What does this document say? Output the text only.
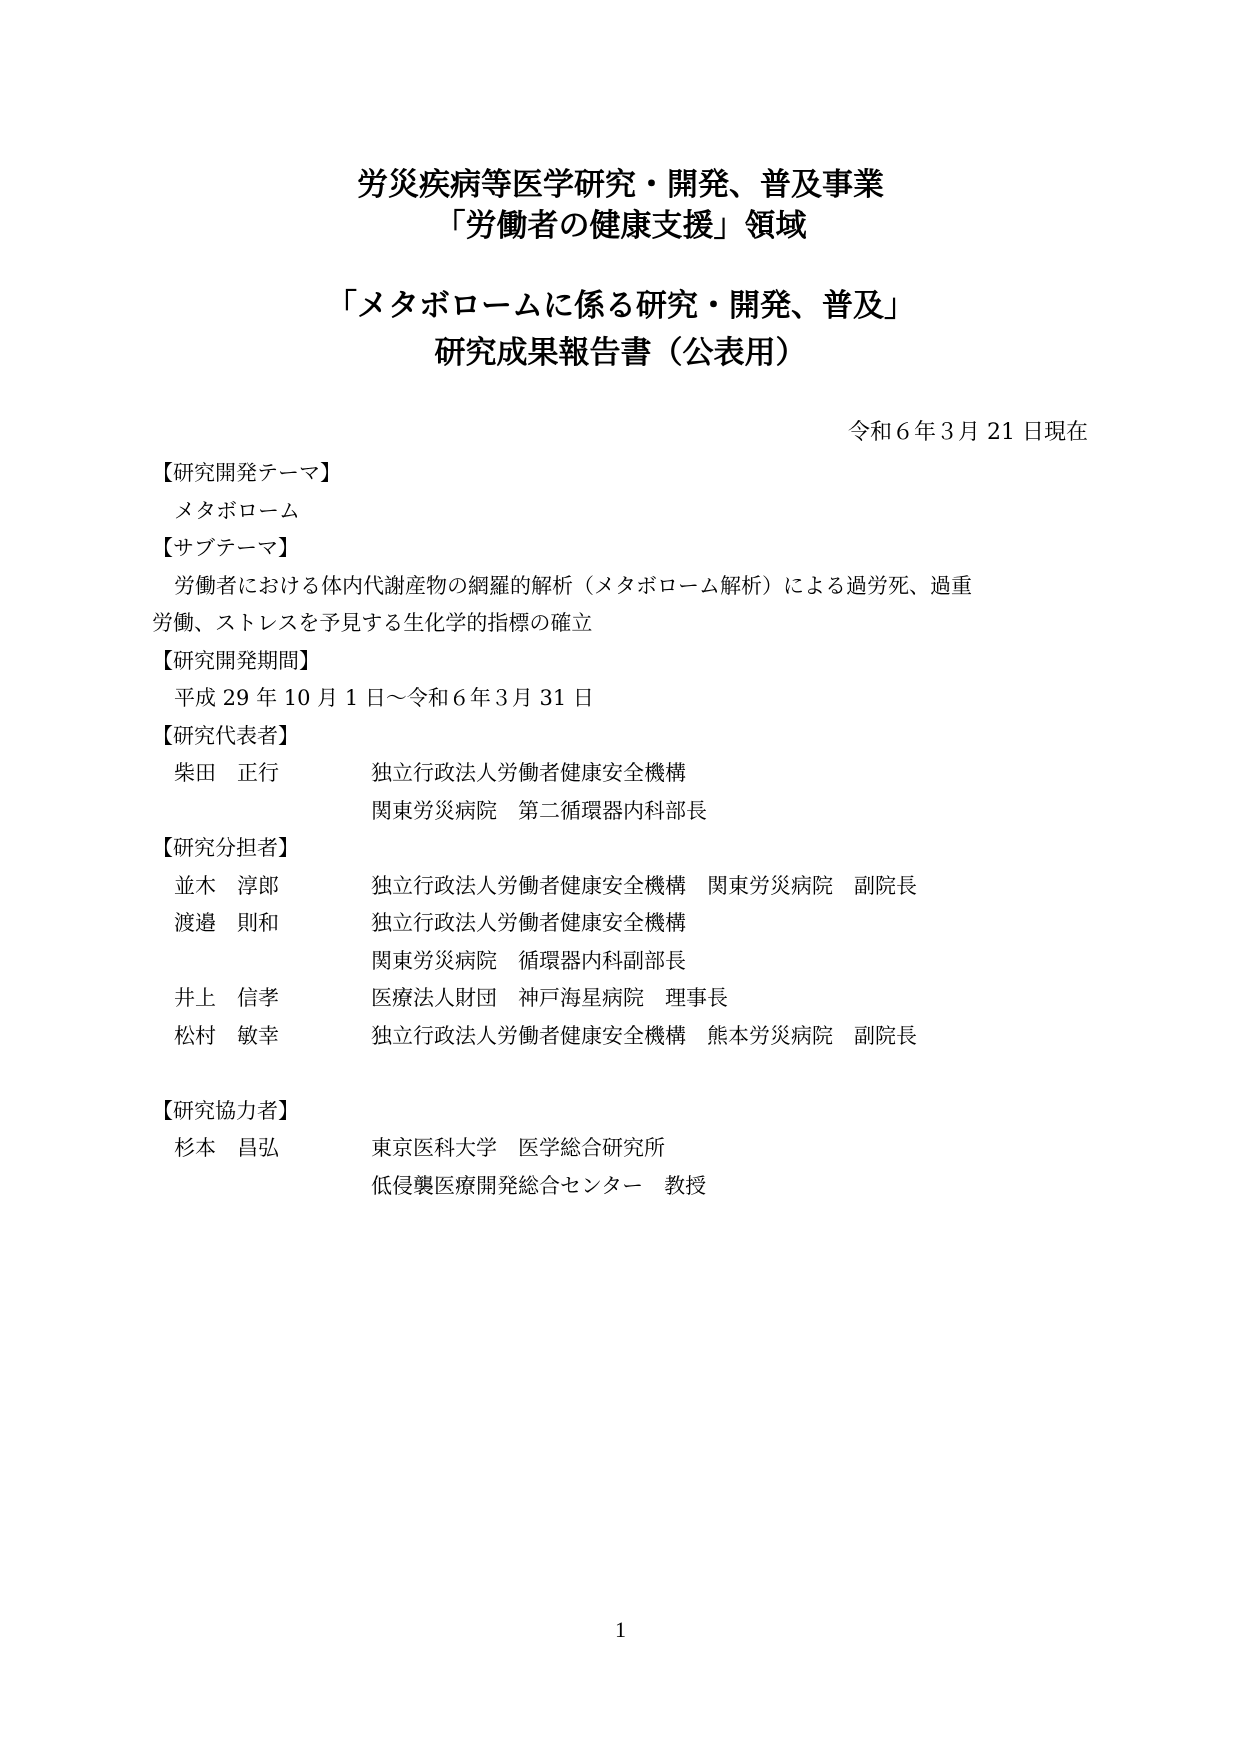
労災疾病等医学研究・開発、普及事業
「労働者の健康支援」領域
「メタボロームに係る研究・開発、普及」
研究成果報告書（公表用）
令和６年３月 21 日現在
【研究開発テーマ】
メタボローム
【サブテーマ】
労働者における体内代謝産物の網羅的解析（メタボローム解析）による過労死、過重
労働、ストレスを予見する生化学的指標の確立
【研究開発期間】
平成 29 年 10 月 1 日～令和６年３月 31 日
【研究代表者】
柴田　正行	独立行政法人労働者健康安全機構
関東労災病院　第二循環器内科部長
【研究分担者】
並木　淳郎	独立行政法人労働者健康安全機構　関東労災病院　副院長
渡邉　則和	独立行政法人労働者健康安全機構
関東労災病院　循環器内科副部長
井上　信孝	医療法人財団　神戸海星病院　理事長
松村　敏幸	独立行政法人労働者健康安全機構　熊本労災病院　副院長
【研究協力者】
杉本　昌弘	東京医科大学　医学総合研究所
低侵襲医療開発総合センター　教授
1
